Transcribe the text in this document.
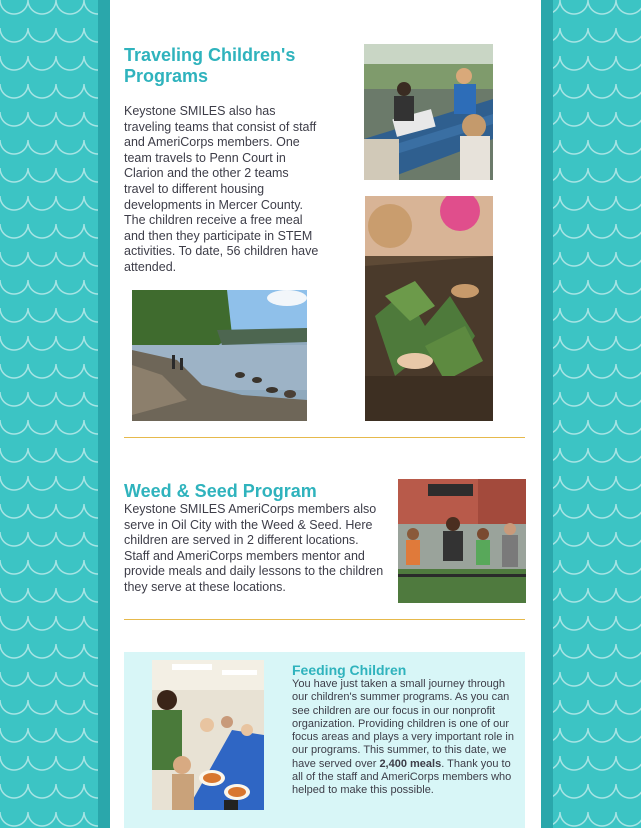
Traveling Children's Programs
Keystone SMILES also has traveling teams that consist of staff and AmeriCorps members. One team travels to Penn Court in Clarion and the other 2 teams travel to different housing developments in Mercer County. The children receive a free meal and then they participate in STEM activities. To date, 56 children have attended.
Weed & Seed Program
Keystone SMILES AmeriCorps members also serve in Oil City with the Weed & Seed. Here children are served in 2 different locations. Staff and AmeriCorps members mentor and provide meals and daily lessons to the children they serve at these locations.
Feeding Children
You have just taken a small journey through our children's summer programs. As you can see children are our focus in our nonprofit organization. Providing children is one of our focus areas and plays a very important role in our programs. This summer, to this date, we have served over 2,400 meals. Thank you to all of the staff and AmeriCorps members who helped to make this possible.
